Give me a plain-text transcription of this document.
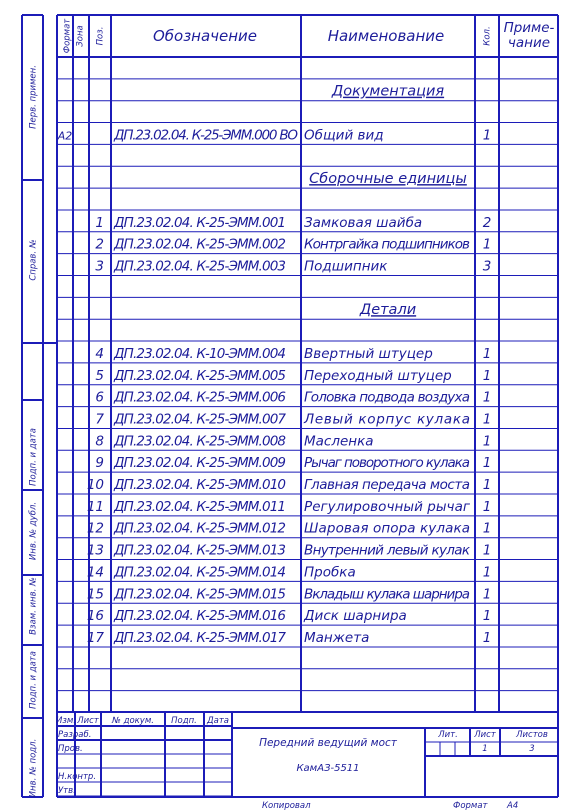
Формат Зона Поз.	Обозначение	Наименование	Кол. Приме-чание
Перв. примен.
Справ. №
Подп. и дата
Инв. № дубл.
Взам. инв. №
Подп. и дата
Инв. № подл.
Документация
А2	ДП.23.02.04. К-25-ЭММ.000 ВО Общий вид	1
Сборочные единицы
1 ДП.23.02.04. К-25-ЭММ.001 Замковая шайба	2
2 ДП.23.02.04. К-25-ЭММ.002 Контргайка подшипников 1
3 ДП.23.02.04. К-25-ЭММ.003 Подшипник	3
Детали
4 ДП.23.02.04. К-10-ЭММ.004 Ввертный штуцер	1
5 ДП.23.02.04. К-25-ЭММ.005 Переходный штуцер 1
6 ДП.23.02.04. К-25-ЭММ.006 Головка подвода воздуха 1
7 ДП.23.02.04. К-25-ЭММ.007 Левый корпус кулака 1
8 ДП.23.02.04. К-25-ЭММ.008 Масленка	1
9 ДП.23.02.04. К-25-ЭММ.009 Рычаг поворотного кулака 1
10 ДП.23.02.04. К-25-ЭММ.010 Главная передача моста 1
11 ДП.23.02.04. К-25-ЭММ.011 Регулировочный рычаг 1
12 ДП.23.02.04. К-25-ЭММ.012 Шаровая опора кулака 1
13 ДП.23.02.04. К-25-ЭММ.013 Внутренний левый кулак 1
14 ДП.23.02.04. К-25-ЭММ.014 Пробка	1
15 ДП.23.02.04. К-25-ЭММ.015 Вкладыш кулака шарнира 1
16 ДП.23.02.04. К-25-ЭММ.016 Диск шарнира	1
17 ДП.23.02.04. К-25-ЭММ.017 Манжета	1
Изм. Лист № докум. Подп. Дата
Разраб.
Пров.
Н.контр.
Утв.
Передний ведущий мост
КамАЗ-5511
Лит. Лист Листов
1	3
Копировал	Формат А4
